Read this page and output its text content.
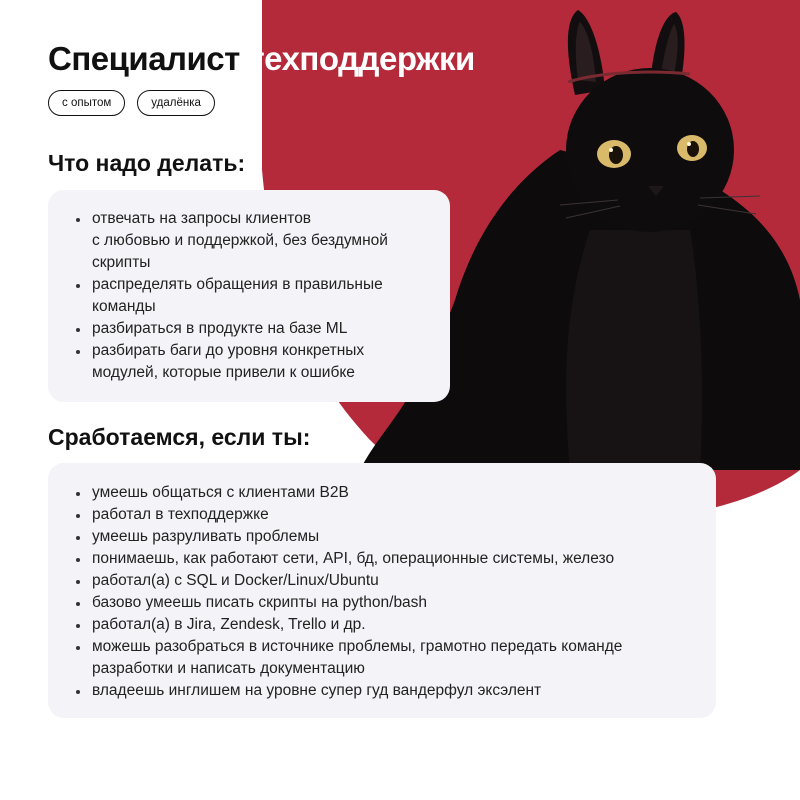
Специалист техподдержки
с опытом	удалёнка
Что надо делать:
отвечать на запросы клиентов
с любовью и поддержкой, без бездумной
скрипты
распределять обращения в правильные
команды
разбираться в продукте на базе ML
разбирать баги до уровня конкретных
модулей, которые привели к ошибке
Сработаемся, если ты:
умеешь общаться с клиентами B2B
работал в техподдержке
умеешь разруливать проблемы
понимаешь, как работают сети, API, бд, операционные системы, железо
работал(а) с SQL и Docker/Linux/Ubuntu
базово умеешь писать скрипты на python/bash
работал(а) в Jira, Zendesk, Trello и др.
можешь разобраться в источнике проблемы, грамотно передать команде
разработки и написать документацию
владеешь инглишем на уровне супер гуд вандерфул эксэлент
